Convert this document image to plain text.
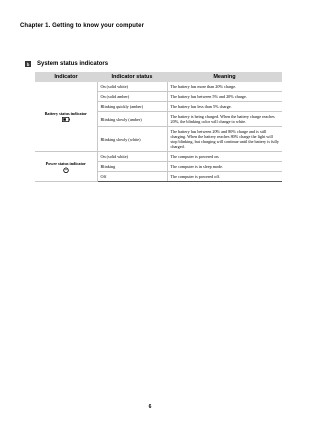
Chapter 1. Getting to know your computer
b System status indicators
Indicator	Indicator status	Meaning
Battery status indicator	On (solid white)	The battery has more than 20% charge.
	On (solid amber)	The battery has between 5% and 20% charge.
	Blinking quickly (amber)	The battery has less than 5% charge.
	Blinking slowly (amber)	The battery is being charged. When the battery charge reaches 20%, the blinking color will change to white.
	Blinking slowly (white)	The battery has between 20% and 80% charge and is still charging. When the battery reaches 80% charge the light will stop blinking, but charging will continue until the battery is fully charged.
Power status indicator	On (solid white)	The computer is powered on.
	Blinking	The computer is in sleep mode.
	Off	The computer is powered off.
6
